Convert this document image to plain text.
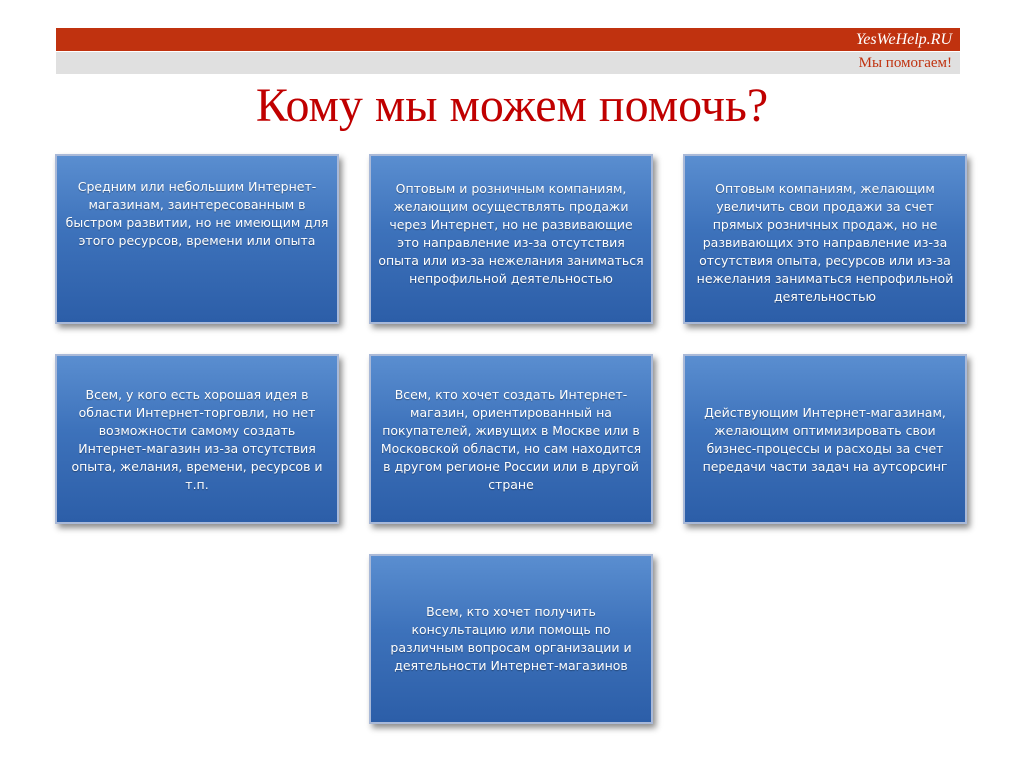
YesWeHelp.RU
Мы помогаем!
Кому мы можем помочь?
Средним или небольшим Интернет-магазинам, заинтересованным в быстром развитии, но не имеющим для этого ресурсов, времени или опыта
Оптовым и розничным компаниям, желающим осуществлять продажи через Интернет, но не развивающие это направление из-за отсутствия опыта или из-за нежелания заниматься непрофильной деятельностью
Оптовым компаниям, желающим увеличить свои продажи за счет прямых розничных продаж, но не развивающих это направление из-за отсутствия опыта, ресурсов или из-за нежелания заниматься непрофильной деятельностью
Всем, у кого есть хорошая идея в области Интернет-торговли, но нет возможности самому создать Интернет-магазин из-за отсутствия опыта, желания, времени, ресурсов и т.п.
Всем, кто хочет создать Интернет-магазин, ориентированный на покупателей, живущих в Москве или в Московской области, но сам находится в другом регионе России или в другой стране
Действующим Интернет-магазинам, желающим оптимизировать свои бизнес-процессы и расходы за счет передачи части задач на аутсорсинг
Всем, кто хочет получить консультацию или помощь по различным вопросам организации и деятельности Интернет-магазинов
